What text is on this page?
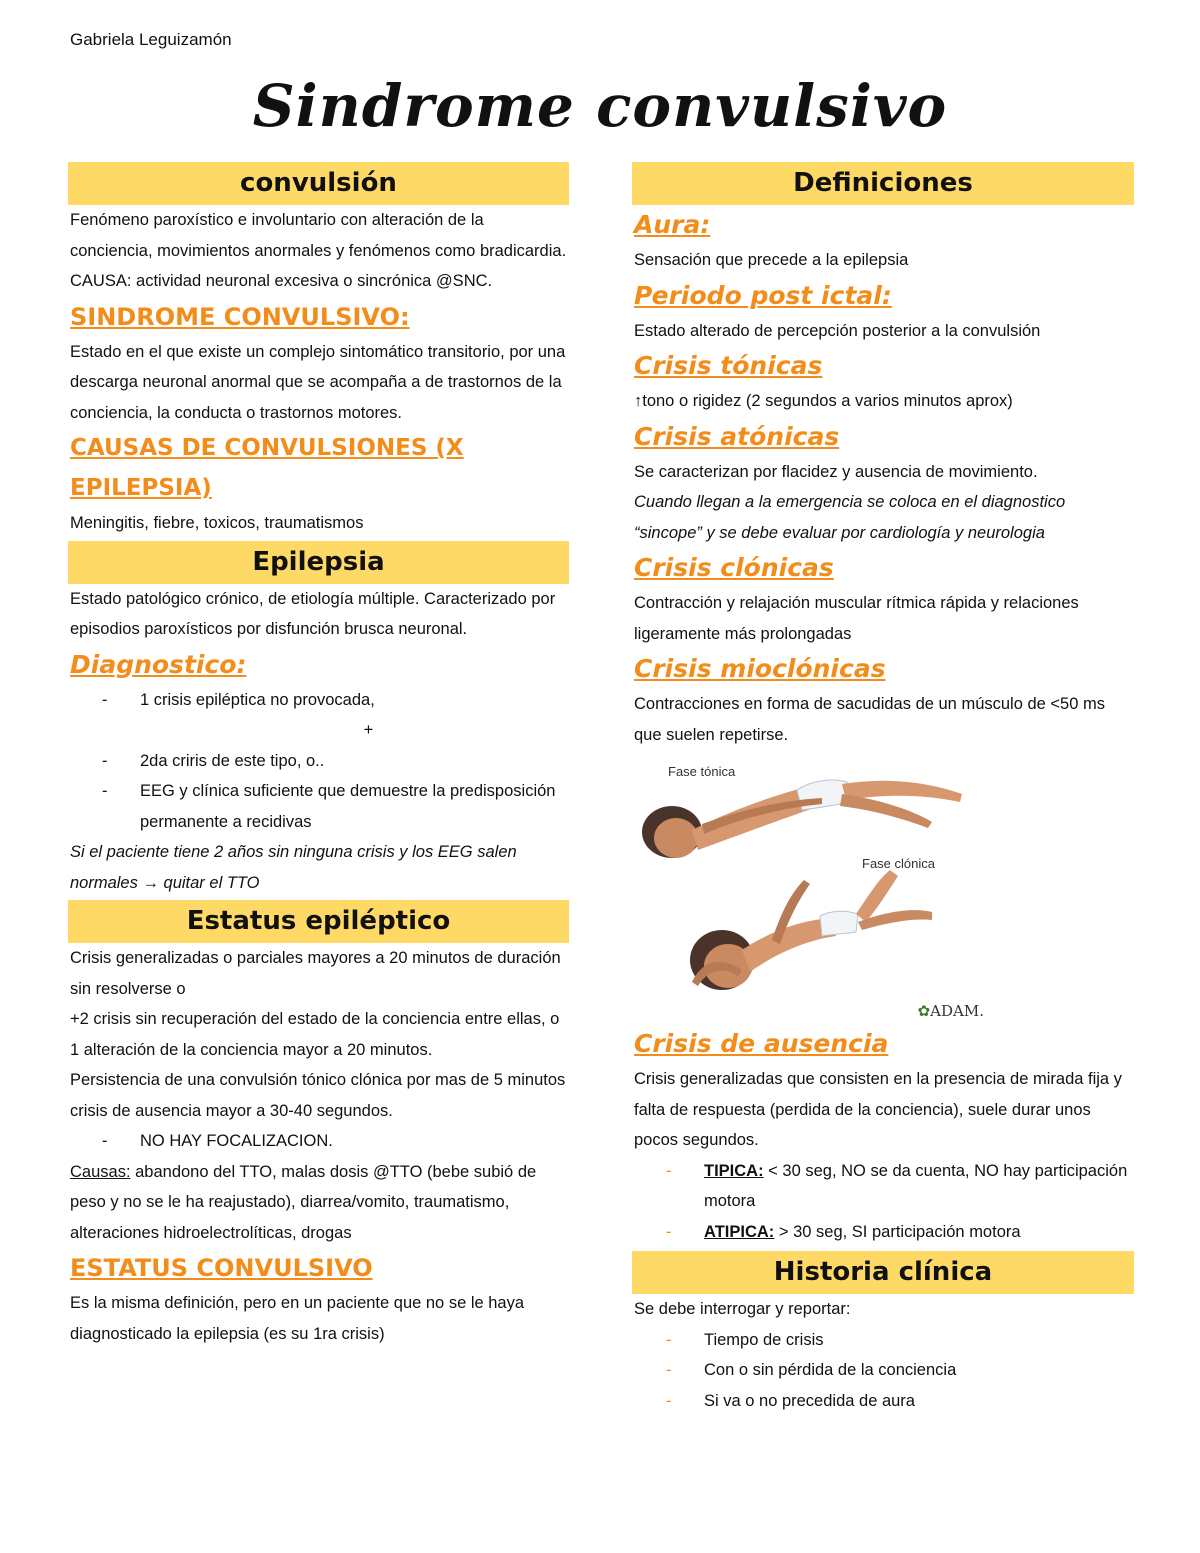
Gabriela Leguizamón
Sindrome convulsivo
convulsión

Fenómeno paroxístico e involuntario con alteración de la conciencia, movimientos anormales y fenómenos como bradicardia.

CAUSA: actividad neuronal excesiva o sincrónica @SNC.

SINDROME CONVULSIVO:

Estado en el que existe un complejo sintomático transitorio, por una descarga neuronal anormal que se acompaña a de trastornos de la conciencia, la conducta o trastornos motores.

CAUSAS DE CONVULSIONES (X EPILEPSIA)

Meningitis, fiebre, toxicos, traumatismos

Epilepsia

Estado patológico crónico, de etiología múltiple. Caracterizado por episodios paroxísticos por disfunción brusca neuronal.

Diagnostico:
- 1 crisis epiléptica no provocada,
+
- 2da criris de este tipo, o..
- EEG y clínica suficiente que demuestre la predisposición permanente a recidivas

Si el paciente tiene 2 años sin ninguna crisis y los EEG salen normales → quitar el TTO

Estatus epiléptico

Crisis generalizadas o parciales mayores a 20 minutos de duración sin resolverse o

+2 crisis sin recuperación del estado de la conciencia entre ellas, o

1 alteración de la conciencia mayor a 20 minutos.

Persistencia de una convulsión tónico clónica por mas de 5 minutos

crisis de ausencia mayor a 30-40 segundos.

- NO HAY FOCALIZACION.

Causas: abandono del TTO, malas dosis @TTO (bebe subió de peso y no se le ha reajustado), diarrea/vomito, traumatismo, alteraciones hidroelectrolíticas, drogas

ESTATUS CONVULSIVO

Es la misma definición, pero en un paciente que no se le haya diagnosticado la epilepsia (es su 1ra crisis)

Definiciones
Aura:

Sensación que precede a la epilepsia

Periodo post ictal:

Estado alterado de percepción posterior a la convulsión

Crisis tónicas

↑tono o rigidez (2 segundos a varios minutos aprox)

Crisis atónicas

Se caracterizan por flacidez y ausencia de movimiento.

Cuando llegan a la emergencia se coloca en el diagnostico “sincope” y se debe evaluar por cardiología y neurologia

Crisis clónicas

Contracción y relajación muscular rítmica rápida y relaciones ligeramente más prolongadas

Crisis mioclónicas

Contracciones en forma de sacudidas de un músculo de <50 ms que suelen repetirse.

Fase tónica
Fase clónica
✿ADAM.
Crisis de ausencia

Crisis generalizadas que consisten en la presencia de mirada fija y falta de respuesta (perdida de la conciencia), suele durar unos pocos segundos.

- TIPICA: < 30 seg, NO se da cuenta, NO hay participación motora
- ATIPICA: > 30 seg, SI participación motora
Historia clínica

Se debe interrogar y reportar:

- Tiempo de crisis
- Con o sin pérdida de la conciencia
- Si va o no precedida de aura
